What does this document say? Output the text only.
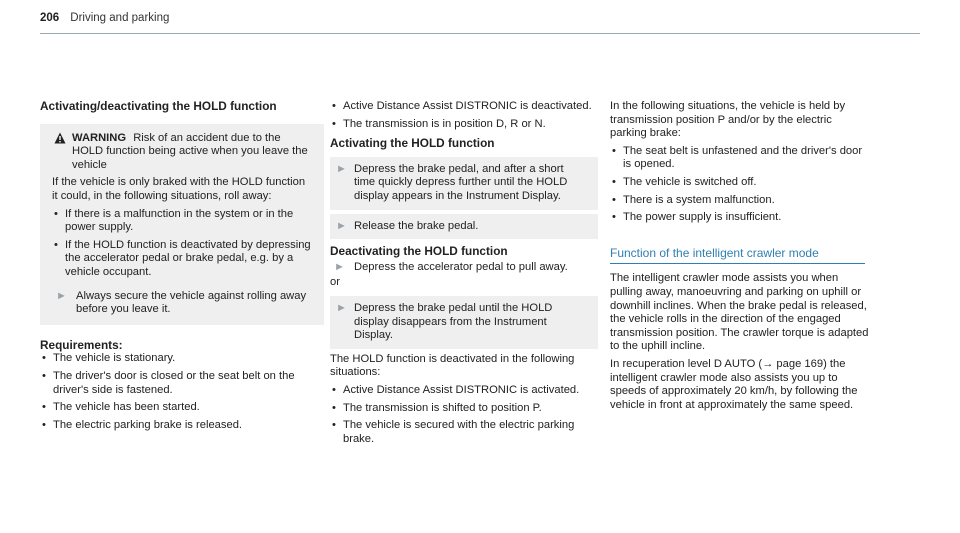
206 Driving and parking
Activating/deactivating the HOLD function
WARNING Risk of an accident due to the HOLD function being active when you leave the vehicle
If the vehicle is only braked with the HOLD function it could, in the following situations, roll away:
• If there is a malfunction in the system or in the power supply.
• If the HOLD function is deactivated by depressing the accelerator pedal or brake pedal, e.g. by a vehicle occupant.
► Always secure the vehicle against rolling away before you leave it.
Requirements:
• The vehicle is stationary.
• The driver's door is closed or the seat belt on the driver's side is fastened.
• The vehicle has been started.
• The electric parking brake is released.
• Active Distance Assist DISTRONIC is deactivated.
• The transmission is in position D, R or N.
Activating the HOLD function
► Depress the brake pedal, and after a short time quickly depress further until the HOLD display appears in the Instrument Display.
► Release the brake pedal.
Deactivating the HOLD function
► Depress the accelerator pedal to pull away.
or
► Depress the brake pedal until the HOLD display disappears from the Instrument Display.
The HOLD function is deactivated in the following situations:
• Active Distance Assist DISTRONIC is activated.
• The transmission is shifted to position P.
• The vehicle is secured with the electric parking brake.
In the following situations, the vehicle is held by transmission position P and/or by the electric parking brake:
• The seat belt is unfastened and the driver's door is opened.
• The vehicle is switched off.
• There is a system malfunction.
• The power supply is insufficient.
Function of the intelligent crawler mode
The intelligent crawler mode assists you when pulling away, manoeuvring and parking on uphill or downhill inclines. When the brake pedal is released, the vehicle rolls in the direction of the engaged transmission position. The crawler torque is adapted to the uphill incline.
In recuperation level D AUTO (→ page 169) the intelligent crawler mode also assists you up to speeds of approximately 20 km/h, by following the vehicle in front at approximately the same speed.
